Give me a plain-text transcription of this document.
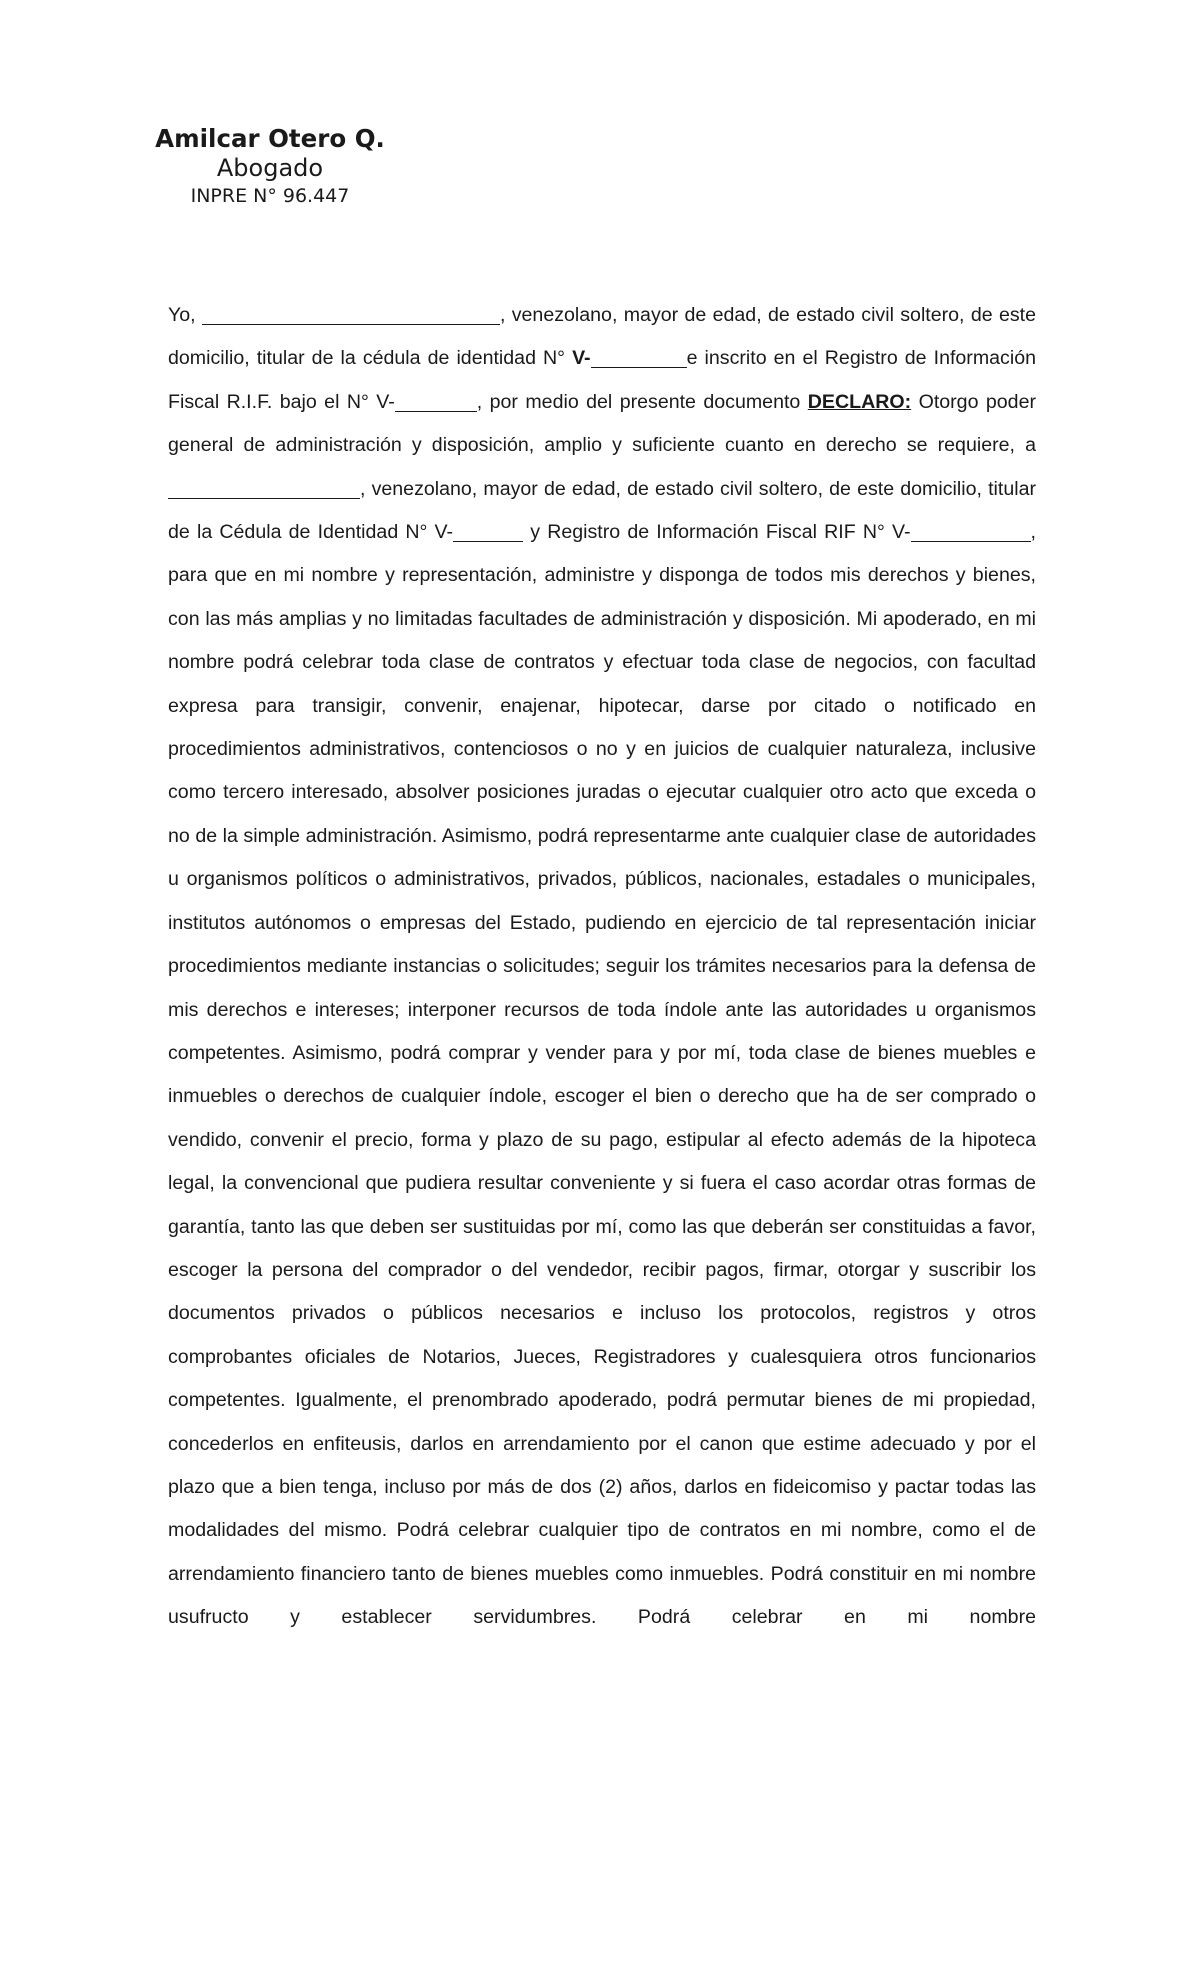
Amilcar Otero Q.
Abogado
INPRE N° 96.447

Yo,	, venezolano, mayor de edad, de estado civil soltero, de este domicilio, titular de la cédula de identidad N° V-	e inscrito en el Registro de Información Fiscal R.I.F. bajo el N° V-	, por medio del presente documento DECLARO: Otorgo poder general de administración y disposición, amplio y suficiente cuanto en derecho se requiere, a , venezolano, mayor de edad, de estado civil soltero, de este domicilio, titular de la Cédula de Identidad N° V-	y Registro de Información Fiscal RIF N° V-	, para que en mi nombre y representación, administre y disponga de todos mis derechos y bienes, con las más amplias y no limitadas facultades de administración y disposición. Mi apoderado, en mi nombre podrá celebrar toda clase de contratos y efectuar toda clase de negocios, con facultad expresa para transigir, convenir, enajenar, hipotecar, darse por citado o notificado en procedimientos administrativos, contenciosos o no y en juicios de cualquier naturaleza, inclusive como tercero interesado, absolver posiciones juradas o ejecutar cualquier otro acto que exceda o no de la simple administración. Asimismo, podrá representarme ante cualquier clase de autoridades u organismos políticos o administrativos, privados, públicos, nacionales, estadales o municipales, institutos autónomos o empresas del Estado, pudiendo en ejercicio de tal representación iniciar procedimientos mediante instancias o solicitudes; seguir los trámites necesarios para la defensa de mis derechos e intereses; interponer recursos de toda índole ante las autoridades u organismos competentes. Asimismo, podrá comprar y vender para y por mí, toda clase de bienes muebles e inmuebles o derechos de cualquier índole, escoger el bien o derecho que ha de ser comprado o vendido, convenir el precio, forma y plazo de su pago, estipular al efecto además de la hipoteca legal, la convencional que pudiera resultar conveniente y si fuera el caso acordar otras formas de garantía, tanto las que deben ser sustituidas por mí, como las que deberán ser constituidas a favor, escoger la persona del comprador o del vendedor, recibir pagos, firmar, otorgar y suscribir los documentos privados o públicos necesarios e incluso los protocolos, registros y otros comprobantes oficiales de Notarios, Jueces, Registradores y cualesquiera otros funcionarios competentes. Igualmente, el prenombrado apoderado, podrá permutar bienes de mi propiedad, concederlos en enfiteusis, darlos en arrendamiento por el canon que estime adecuado y por el plazo que a bien tenga, incluso por más de dos (2) años, darlos en fideicomiso y pactar todas las modalidades del mismo. Podrá celebrar cualquier tipo de contratos en mi nombre, como el de arrendamiento financiero tanto de bienes muebles como inmuebles. Podrá constituir en mi nombre usufructo y establecer servidumbres. Podrá celebrar en mi nombre
